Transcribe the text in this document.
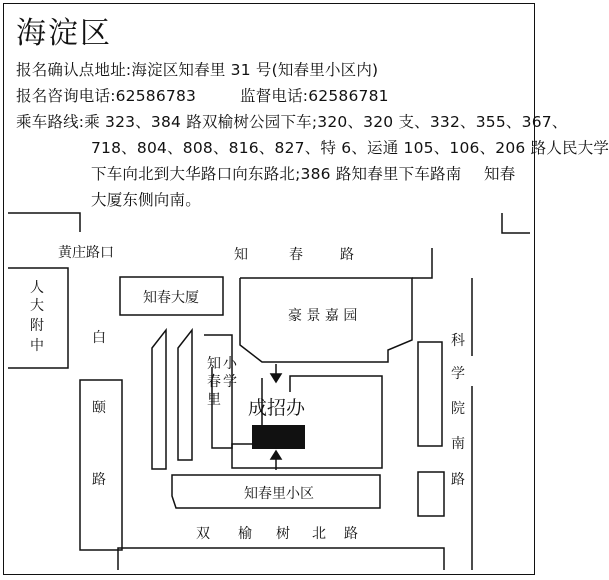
海淀区
报名确认点地址:海淀区知春里 31 号(知春里小区内)
报名咨询电话:62586783	监督电话:62586781
乘车路线:乘 323、384 路双榆树公园下车;320、320 支、332、355、367、
718、804、808、816、827、特 6、运通 105、106、206 路人民大学
下车向北到大华路口向东路北;386 路知春里下车路南 知春
大厦东侧向南。
黄庄路口	知	春	路
人
大
附
中	白
颐
路
知春大厦
豪 景 嘉 园
知
春
里
小
学
科
学
院
南
路
知春里小区
双 榆 树 北 路
成招办
